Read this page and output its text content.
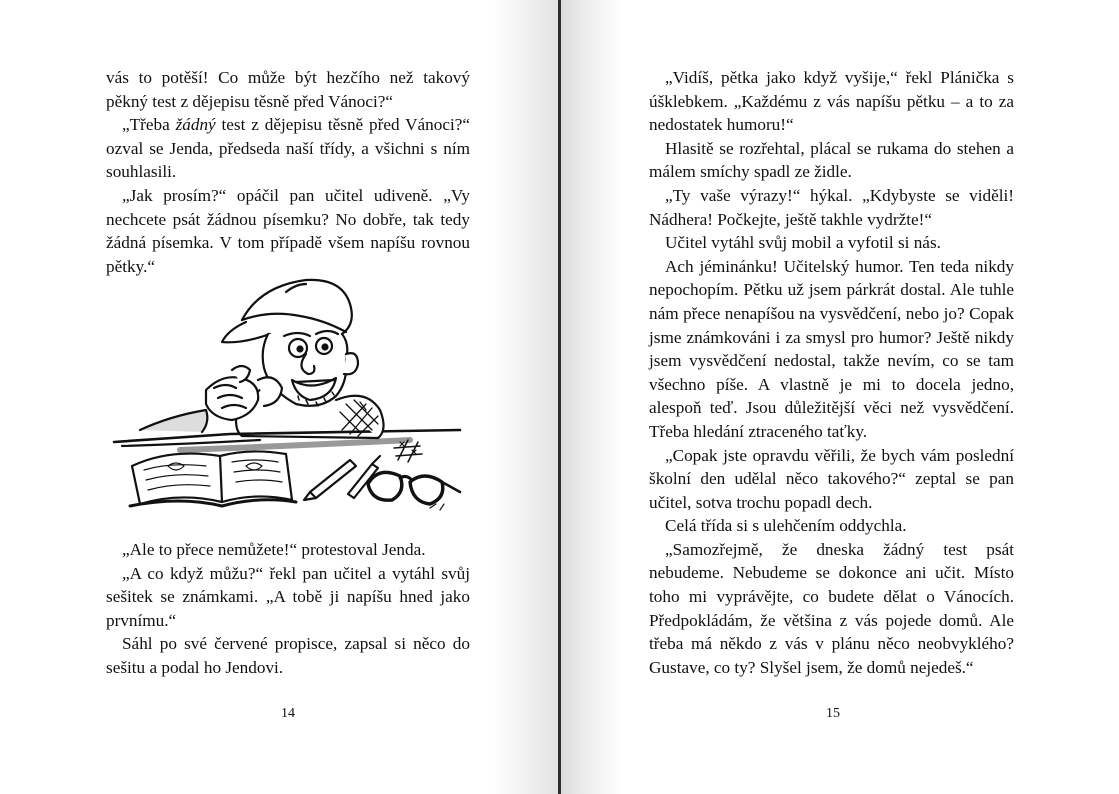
vás to potěší! Co může být hezčího než takový pěkný test z dějepisu těsně před Vánoci?“

„Třeba žádný test z dějepisu těsně před Vánoci?“ ozval se Jenda, předseda naší třídy, a všichni s ním souhlasili.

„Jak prosím?“ opáčil pan učitel udiveně. „Vy nechcete psát žádnou písemku? No dobře, tak tedy žádná písemka. V tom případě všem napíšu rovnou pětky.“

„Ale to přece nemůžete!“ protestoval Jenda.

„A co když můžu?“ řekl pan učitel a vytáhl svůj sešitek se známkami. „A tobě ji napíšu hned jako prvnímu.“

Sáhl po své červené propisce, zapsal si něco do sešitu a podal ho Jendovi.

14

„Vidíš, pětka jako když vyšije,“ řekl Plánička s úšklebkem. „Každému z vás napíšu pětku – a to za nedostatek humoru!“

Hlasitě se rozřehtal, plácal se rukama do stehen a málem smíchy spadl ze židle.

„Ty vaše výrazy!“ hýkal. „Kdybyste se viděli! Nádhera! Počkejte, ještě takhle vydržte!“

Učitel vytáhl svůj mobil a vyfotil si nás.

Ach jéminánku! Učitelský humor. Ten teda nikdy nepochopím. Pětku už jsem párkrát dostal. Ale tuhle nám přece nenapíšou na vysvědčení, nebo jo? Copak jsme známkováni i za smysl pro humor? Ještě nikdy jsem vysvědčení nedostal, takže nevím, co se tam všechno píše. A vlastně je mi to docela jedno, alespoň teď. Jsou důležitější věci než vysvědčení. Třeba hledání ztraceného taťky.

„Copak jste opravdu věřili, že bych vám poslední školní den udělal něco takového?“ zeptal se pan učitel, sotva trochu popadl dech.

Celá třída si s ulehčením oddychla.

„Samozřejmě, že dneska žádný test psát nebudeme. Nebudeme se dokonce ani učit. Místo toho mi vyprávějte, co budete dělat o Vánocích. Předpokládám, že většina z vás pojede domů. Ale třeba má někdo z vás v plánu něco neobvyklého? Gustave, co ty? Slyšel jsem, že domů nejedeš.“

15
